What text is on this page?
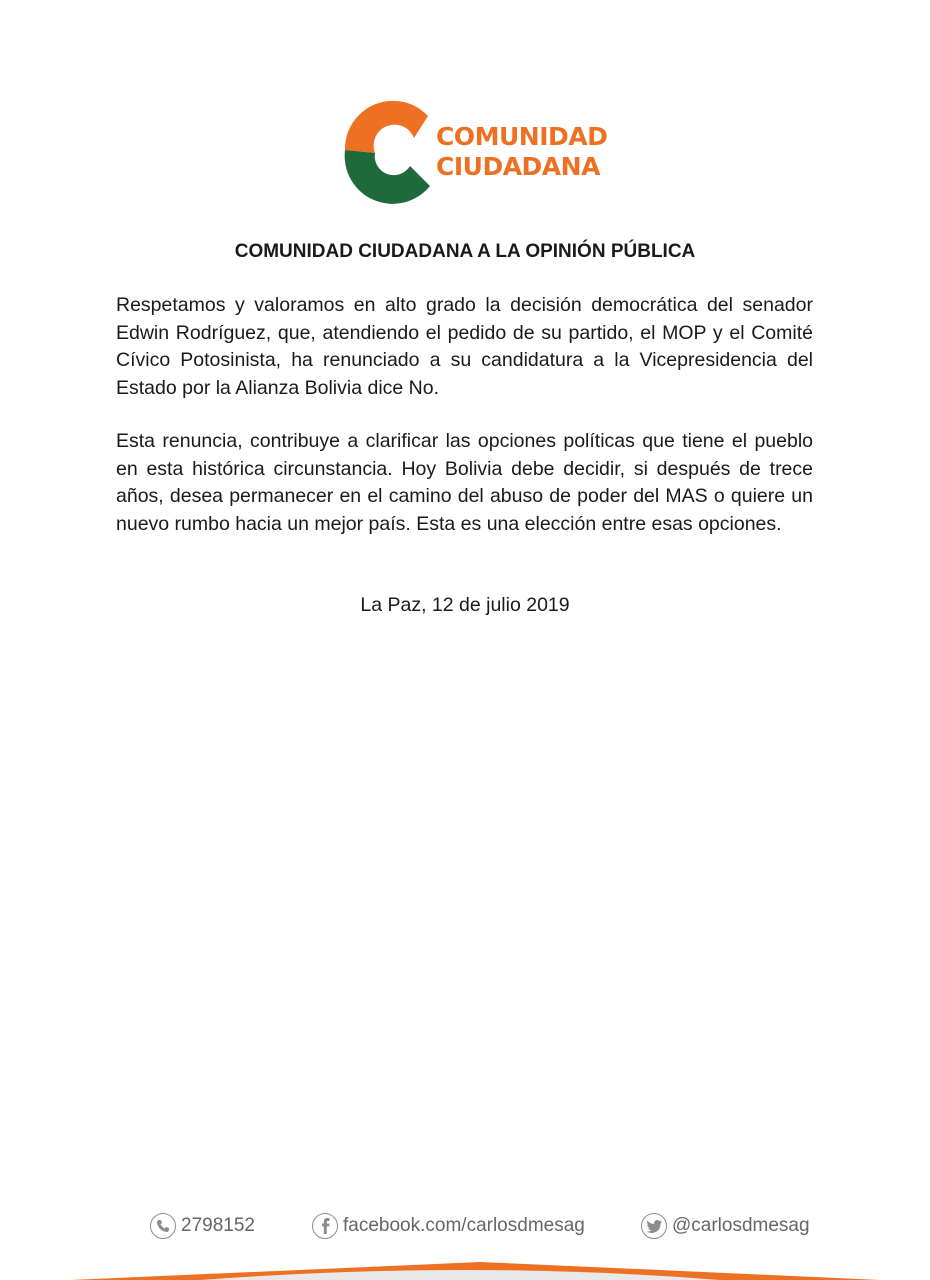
COMUNIDAD
CIUDADANA
COMUNIDAD CIUDADANA A LA OPINIÓN PÚBLICA

Respetamos y valoramos en alto grado la decisión democrática del senador Edwin Rodríguez, que, atendiendo el pedido de su partido, el MOP y el Comité Cívico Potosinista, ha renunciado a su candidatura a la Vicepresidencia del Estado por la Alianza Bolivia dice No.

Esta renuncia, contribuye a clarificar las opciones políticas que tiene el pueblo en esta histórica circunstancia. Hoy Bolivia debe decidir, si después de trece años, desea permanecer en el camino del abuso de poder del MAS o quiere un nuevo rumbo hacia un mejor país. Esta es una elección entre esas opciones.

La Paz, 12 de julio 2019
2798152	facebook.com/carlosdmesag	@carlosdmesag
